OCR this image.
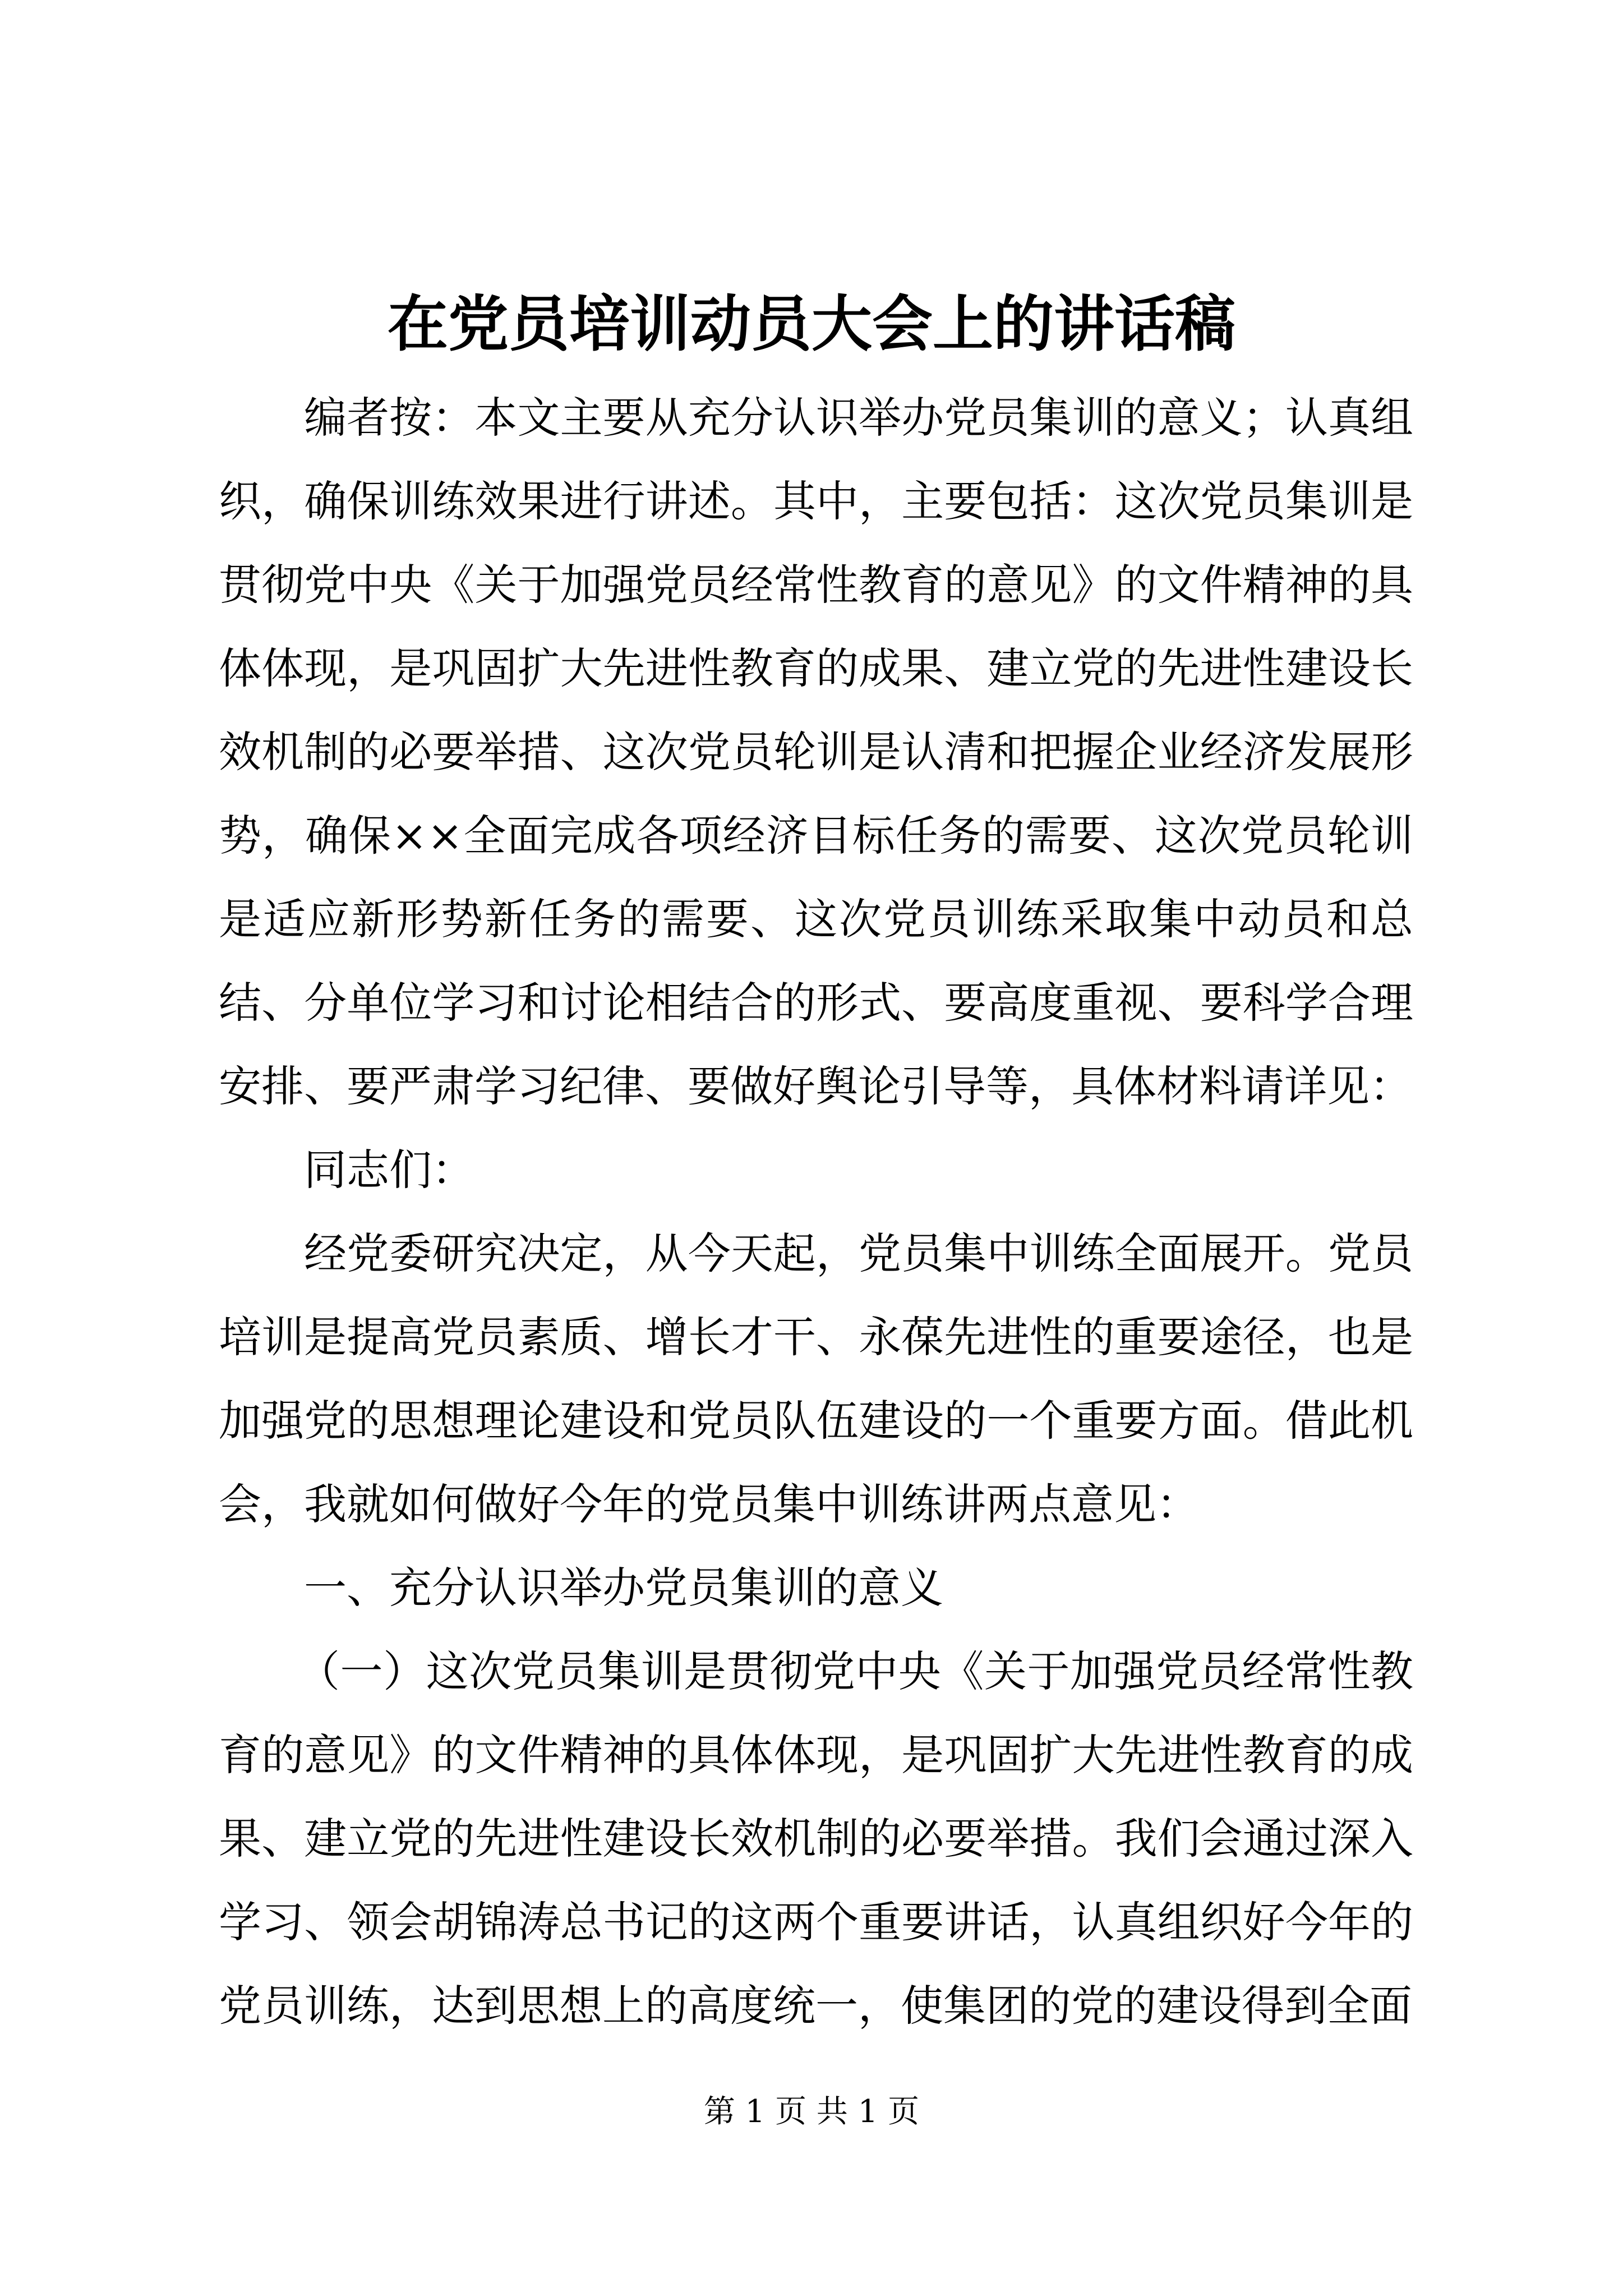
在党员培训动员大会上的讲话稿

编者按：本文主要从充分认识举办党员集训的意义；认真组织，确保训练效果进行讲述。其中，主要包括：这次党员集训是贯彻党中央《关于加强党员经常性教育的意见》的文件精神的具体体现，是巩固扩大先进性教育的成果、建立党的先进性建设长效机制的必要举措、这次党员轮训是认清和把握企业经济发展形势，确保××全面完成各项经济目标任务的需要、这次党员轮训是适应新形势新任务的需要、这次党员训练采取集中动员和总结、分单位学习和讨论相结合的形式、要高度重视、要科学合理安排、要严肃学习纪律、要做好舆论引导等，具体材料请详见：

同志们：

经党委研究决定，从今天起，党员集中训练全面展开。党员培训是提高党员素质、增长才干、永葆先进性的重要途径，也是加强党的思想理论建设和党员队伍建设的一个重要方面。借此机会，我就如何做好今年的党员集中训练讲两点意见：

一、充分认识举办党员集训的意义

（一）这次党员集训是贯彻党中央《关于加强党员经常性教育的意见》的文件精神的具体体现，是巩固扩大先进性教育的成果、建立党的先进性建设长效机制的必要举措。我们会通过深入学习、领会胡锦涛总书记的这两个重要讲话，认真组织好今年的党员训练，达到思想上的高度统一，使集团的党的建设得到全面

第 1 页 共 1 页
